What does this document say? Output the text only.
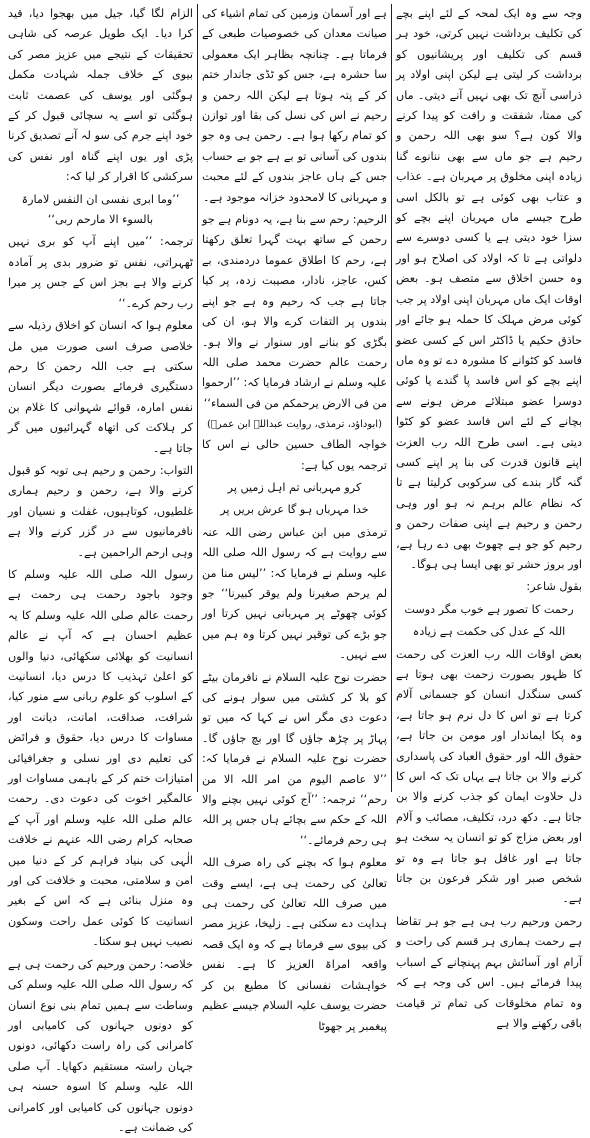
وجہ سے وہ ایک لمحہ کے لئے اپنے بچے کی تکلیف برداشت نہیں کرتی، خود ہر قسم کی تکلیف اور پریشانیوں کو برداشت کر لیتی ہے لیکن اپنی اولاد پر ذراسی آنچ تک بھی نہیں آنے دیتی۔ ماں کی ممتا، شفقت و رافت کو پیدا کرنے والا کون ہے؟ سو بھی اللہ رحمن و رحیم ہے جو ماں سے بھی ننانوے گنا زیادہ اپنی مخلوق پر مہربان ہے۔ عذاب و عتاب بھی کوئی ہے تو بالکل اسی طرح جیسے ماں مہربان اپنے بچے کو سزا خود دیتی ہے یا کسی دوسرے سے دلواتی ہے تا کہ اولاد کی اصلاح ہو اور وہ حسن اخلاق سے متصف ہو۔ بعض اوقات ایک ماں مہربان اپنی اولاد پر جب کوئی مرض مہلک کا حملہ ہو جائے اور حاذق حکیم یا ڈاکٹر اس کے کسی عضو فاسد کو کٹوانے کا مشورہ دے تو وہ ماں اپنے بچے کو اس فاسد پا گندے یا کوئی دوسرا عضو مبتلائے مرض ہونے سے بچانے کے لئے اس فاسد عضو کو کٹوا دیتی ہے۔ اسی طرح اللہ رب العزت اپنے قانون قدرت کی بنا پر اپنے کسی گنہ گار بندے کی سرکوبی کرلیتا ہے تا کہ نظام عالم برہم نہ ہو اور وہی رحمن و رحیم ہے اپنی صفات رحمن و رحیم کو جو ہے چھوٹ بھی دے رہا ہے، اور بروز حشر تو بھی ایسا ہی ہوگا۔

بقول شاعر:

رحمت کا تصور ہے خوب مگر دوست

اللہ کے عدل کی حکمت ہے زیادہ

بعض اوقات اللہ رب العزت کی رحمت کا ظہور بصورت زحمت بھی ہوتا ہے کسی سنگدل انسان کو جسمانی آلام کرتا ہے تو اس کا دل نرم ہو جاتا ہے، وہ پکا ایماندار اور مومن بن جاتا ہے، حقوق اللہ اور حقوق العباد کی پاسداری کرنے والا بن جاتا ہے یہاں تک کہ اس کا دل حلاوت ایمان کو جذب کرنے والا بن جاتا ہے۔ دکھ درد، تکلیف، مصائب و آلام اور بعض مزاج کو تو انسان یہ سخت ہو جاتا ہے اور غافل ہو جاتا ہے وہ تو شخص صبر اور شکر فرعون بن جاتا ہے۔

رحمن ورحیم رب ہی ہے جو ہر تقاضا ہے رحمت ہماری ہر قسم کی راحت و آرام اور آسائش بہم پہنچانے کے اسباب پیدا فرمائے ہیں۔ اس کی وجہ ہے کہ وہ تمام مخلوقات کی تمام تر قیامت باقی رکھنے والا ہے

ہے اور آسمان وزمین کی تمام اشیاء کی صیانت معدان کی خصوصیات طبعی کے فرماتا ہے۔ چنانچہ بظاہر ایک معمولی سا حشرہ ہے، جس کو ٹڈی جاندار ختم کر کے پتہ ہوتا ہے لیکن اللہ رحمن و رحیم نے اس کی نسل کی بقا اور توازن کو تمام رکھا ہوا ہے۔ رحمن ہی وہ جو بندوں کی آسانی تو بے ہے جو بے حساب جس کے ہاں عاجز بندوں کے لئے محبت و مہربانی کا لامحدود خزانہ موجود ہے۔

الرحیم: رحم سے بنا ہے، یہ دونام ہے جو رحمن کے ساتھ بہت گہرا تعلق رکھتا ہے، رحم کا اطلاق عموما دردمندی، بے کس، عاجز، نادار، مصیبت زدہ، پر کیا جاتا ہے جب کہ رحیم وہ ہے جو اپنے بندوں پر التفات کرے والا ہو، ان کی بگڑی کو بنانے اور سنوار نے والا ہو۔ رحمت عالم حضرت محمد صلی اللہ علیہ وسلم نے ارشاد فرمایا کہ: ’’ارحموا من فی الارض یرحمکم من فی السماء‘‘

(ابوداؤد، ترمذی، روایت عبداللہ ابن عمرؓ)

خواجہ الطاف حسین حالی نے اس کا ترجمہ یوں کیا ہے:

کرو مہربانی تم اہل زمیں پر

خدا مہرباں ہو گا عرش بریں پر

ترمذی میں ابن عباس رضی اللہ عنہ سے روایت ہے کہ رسول اللہ صلی اللہ علیہ وسلم نے فرمایا کہ: ’’لیس منا من لم یرحم صغیرنا ولم یوقر کبیرنا‘‘ جو کوئی چھوٹے پر مہربانی نہیں کرتا اور جو بڑے کی توقیر نہیں کرتا وہ ہم میں سے نہیں۔

حضرت نوح علیہ السلام نے نافرمان بیٹے کو بلا کر کشتی میں سوار ہونے کی دعوت دی مگر اس نے کہا کہ میں تو پہاڑ پر چڑھ جاؤں گا اور بچ جاؤں گا۔ حضرت نوح علیہ السلام نے فرمایا کہ: ’’لا عاصم الیوم من امر اللہ الا من رحم‘‘ ترجمہ: ’’آج کوئی نہیں بچنے والا اللہ کے حکم سے بچائے ہاں جس پر اللہ ہی رحم فرمائے۔‘‘

معلوم ہوا کہ بچنے کی راہ صرف اللہ تعالیٰ کی رحمت ہی ہے، ایسے وقت میں صرف اللہ تعالیٰ کی رحمت ہی ہدایت دے سکتی ہے۔ زلیخا، عزیز مصر کی بیوی سے فرماتا ہے کہ وہ ایک قصہ واقعہ امراۃ العزیز کا ہے۔ نفس خواہشات نفسانی کا مطیع بن کر حضرت یوسف علیہ السلام جیسے عظیم پیغمبر پر جھوٹا

الزام لگا گیا، جیل میں بھجوا دیا، قید کرا دیا۔ ایک طویل عرصہ کی شاہی تحقیقات کے نتیجے میں عزیز مصر کی بیوی کے خلاف جملہ شہادت مکمل ہوگئی اور یوسف کی عصمت ثابت ہوگئی تو اسے یہ سچائی قبول کر کے خود اپنے جرم کی سو لہ آنے تصدیق کرنا پڑی اور یوں اپنے گناہ اور نفس کی سرکشی کا اقرار کر لیا کہ:

’’وما ابری نفسی ان النفس لامارۃ بالسوء الا مارحم ربی‘‘

ترجمہ: ’’میں اپنے آپ کو بری نہیں ٹھہراتی، نفس تو ضرور بدی پر آمادہ کرنے والا ہے بجز اس کے جس پر میرا رب رحم کرے۔‘‘

معلوم ہوا کہ انسان کو اخلاق رذیلہ سے خلاصی صرف اسی صورت میں مل سکتی ہے جب اللہ رحمن کا رحم دستگیری فرمائے بصورت دیگر انسان نفس امارہ، قوائے شہوانی کا غلام بن کر ہلاکت کی اتھاہ گہرائیوں میں گر جاتا ہے۔

التواب: رحمن و رحیم ہی توبہ کو قبول کرنے والا ہے، رحمن و رحیم ہماری غلطیوں، کوتاہیوں، غفلت و نسیان اور نافرمانیوں سے در گزر کرنے والا ہے وہی ارحم الراحمین ہے۔

رسول اللہ صلی اللہ علیہ وسلم کا وجود باجود رحمت ہی رحمت ہے رحمت عالم صلی اللہ علیہ وسلم کا یہ عظیم احسان ہے کہ آپ نے عالم انسانیت کو بھلائی سکھائی، دنیا والوں کو اعلیٰ تہذیب کا درس دیا، انسانیت کے اسلوب کو علوم ربانی سے منور کیا، شرافت، صداقت، امانت، دیانت اور مساوات کا درس دیا، حقوق و فرائض کی تعلیم دی اور نسلی و جغرافیائی امتیازات ختم کر کے باہمی مساوات اور عالمگیر اخوت کی دعوت دی۔ رحمت عالم صلی اللہ علیہ وسلم اور آپ کے صحابہ کرام رضی اللہ عنہم نے خلافت الٰہی کی بنیاد فراہم کر کے دنیا میں امن و سلامتی، محبت و خلافت کی اور وہ منزل بنائی ہے کہ اس کے بغیر انسانیت کا کوئی عمل راحت وسکون نصیب نہیں ہو سکتا۔

خلاصہ: رحمن ورحیم کی رحمت ہی ہے کہ رسول اللہ صلی اللہ علیہ وسلم کی وساطت سے ہمیں تمام بنی نوع انسان کو دونوں جہانوں کی کامیابی اور کامرانی کی راہ راست دکھائی، دونوں جہان راستہ مستقیم دکھایا۔ آپ صلی اللہ علیہ وسلم کا اسوہ حسنہ ہی دونوں جہانوں کی کامیابی اور کامرانی کی ضمانت ہے۔
